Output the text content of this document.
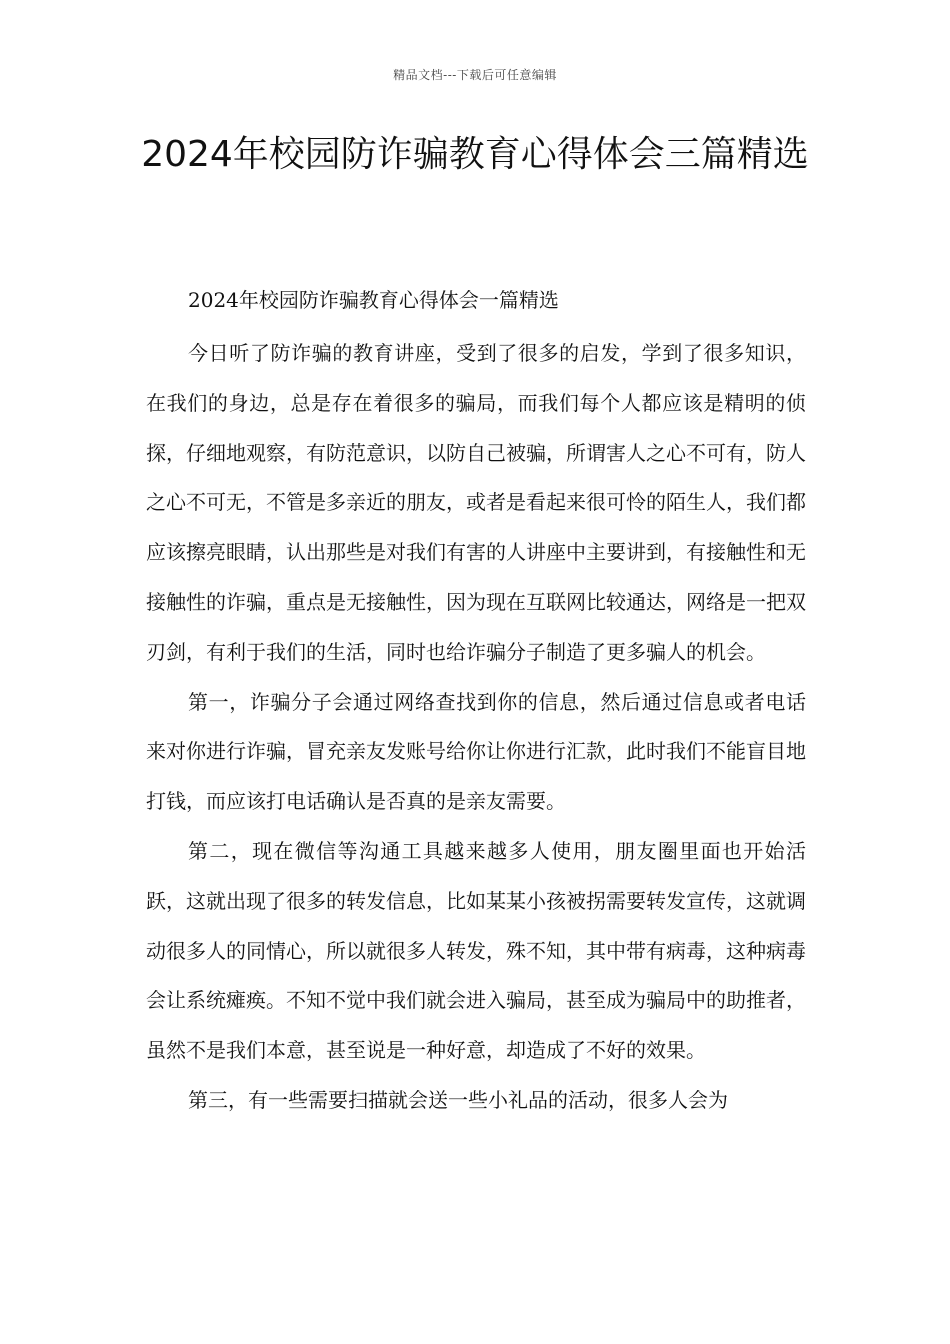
精品文档---下载后可任意编辑
2024年校园防诈骗教育心得体会三篇精选

2024年校园防诈骗教育心得体会一篇精选

今日听了防诈骗的教育讲座，受到了很多的启发，学到了很多知识，在我们的身边，总是存在着很多的骗局，而我们每个人都应该是精明的侦探，仔细地观察，有防范意识，以防自己被骗，所谓害人之心不可有，防人之心不可无，不管是多亲近的朋友，或者是看起来很可怜的陌生人，我们都应该擦亮眼睛，认出那些是对我们有害的人讲座中主要讲到，有接触性和无接触性的诈骗，重点是无接触性，因为现在互联网比较通达，网络是一把双刃剑，有利于我们的生活，同时也给诈骗分子制造了更多骗人的机会。

第一，诈骗分子会通过网络查找到你的信息，然后通过信息或者电话来对你进行诈骗，冒充亲友发账号给你让你进行汇款，此时我们不能盲目地打钱，而应该打电话确认是否真的是亲友需要。

第二，现在微信等沟通工具越来越多人使用，朋友圈里面也开始活跃，这就出现了很多的转发信息，比如某某小孩被拐需要转发宣传，这就调动很多人的同情心，所以就很多人转发，殊不知，其中带有病毒，这种病毒会让系统瘫痪。不知不觉中我们就会进入骗局，甚至成为骗局中的助推者，虽然不是我们本意，甚至说是一种好意，却造成了不好的效果。

第三，有一些需要扫描就会送一些小礼品的活动，很多人会为
